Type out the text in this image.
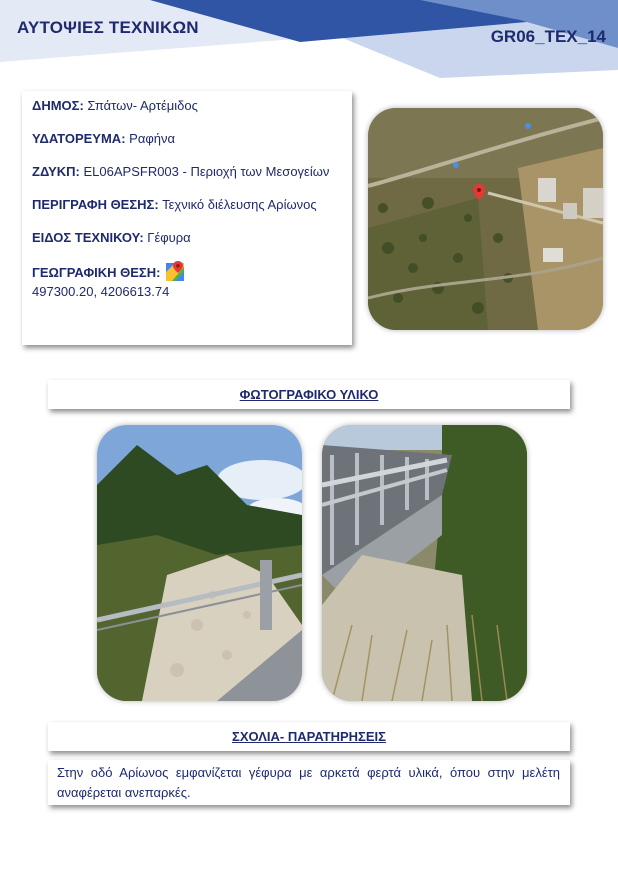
ΑΥΤΟΨΙΕΣ ΤΕΧΝΙΚΩΝ	GR06_TEX_14
ΔΗΜΟΣ: Σπάτων- Αρτέμιδος
ΥΔΑΤΟΡΕΥΜΑ: Ραφήνα
ΖΔΥΚΠ: EL06APSFR003 - Περιοχή των Μεσογείων
ΠΕΡΙΓΡΑΦΗ ΘΕΣΗΣ: Τεχνικό διέλευσης Αρίωνος
ΕΙΔΟΣ ΤΕΧΝΙΚΟΥ: Γέφυρα
ΓΕΩΓΡΑΦΙΚΗ ΘΕΣΗ:

497300.20, 4206613.74
ΦΩΤΟΓΡΑΦΙΚΟ ΥΛΙΚΟ
ΣΧΟΛΙΑ- ΠΑΡΑΤΗΡΗΣΕΙΣ
Στην οδό Αρίωνος εμφανίζεται γέφυρα με αρκετά φερτά υλικά, όπου στην μελέτη αναφέρεται ανεπαρκές.
